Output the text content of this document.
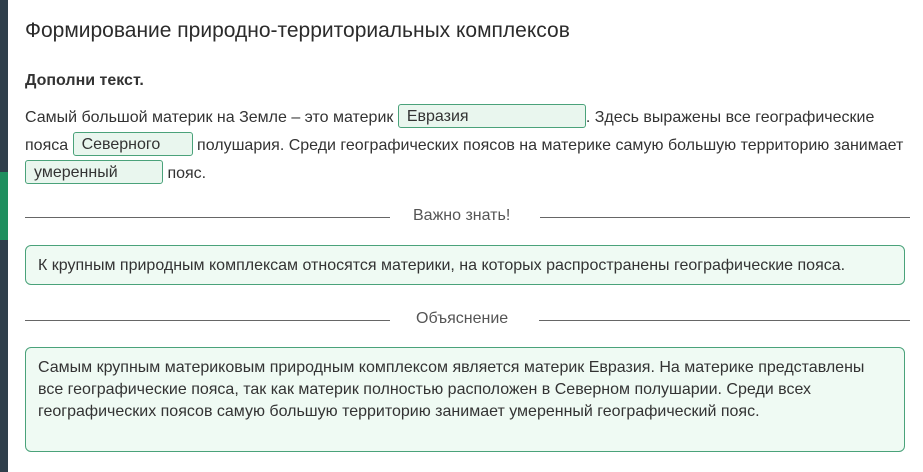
Формирование природно-территориальных комплексов
Дополни текст.
Самый большой материк на Земле – это материк Евразия	. Здесь выражены все географические пояса Северного полушария. Среди географических поясов на материке самую большую территорию занимает умеренный	пояс.
Важно знать!
К крупным природным комплексам относятся материки, на которых распространены географические пояса.
Объяснение
Самым крупным материковым природным комплексом является материк Евразия. На материке представлены все географические пояса, так как материк полностью расположен в Северном полушарии. Среди всех географических поясов самую большую территорию занимает умеренный географический пояс.
